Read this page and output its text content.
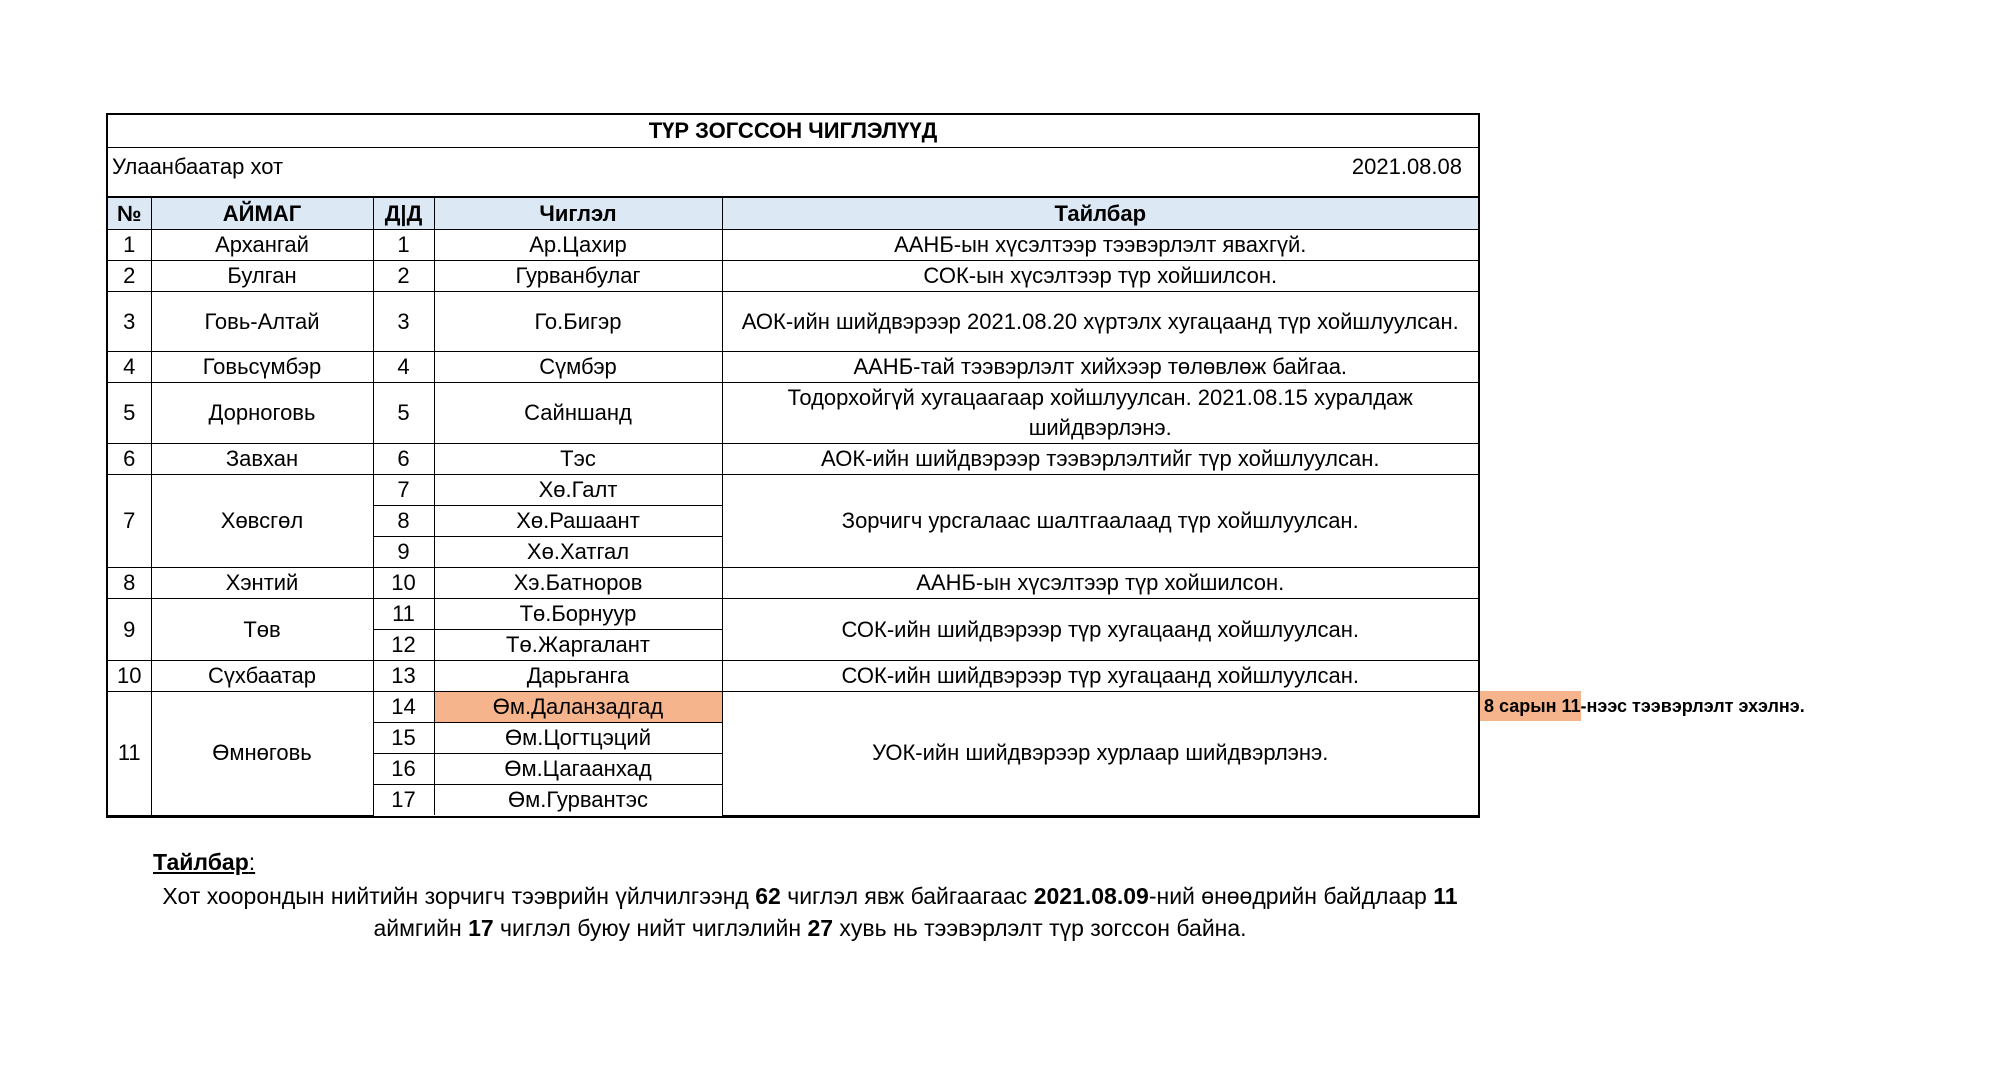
ТҮР ЗОГССОН ЧИГЛЭЛҮҮД
Улаанбаатар хот	2021.08.08
№	АЙМАГ	Д|Д	Чиглэл	Тайлбар
1	Архангай	1	Ар.Цахир	ААНБ-ын хүсэлтээр тээвэрлэлт явахгүй.
2	Булган	2	Гурванбулаг	СОК-ын хүсэлтээр түр хойшилсон.
3	Говь-Алтай	3	Го.Бигэр	АОК-ийн шийдвэрээр 2021.08.20 хүртэлх хугацаанд түр хойшлуулсан.
4	Говьсүмбэр	4	Сүмбэр	ААНБ-тай тээвэрлэлт хийхээр төлөвлөж байгаа.
5	Дорноговь	5	Сайншанд	Тодорхойгүй хугацаагаар хойшлуулсан. 2021.08.15 хуралдаж шийдвэрлэнэ.
6	Завхан	6	Тэс	АОК-ийн шийдвэрээр тээвэрлэлтийг түр хойшлуулсан.
7	Хөвсгөл	7	Хө.Галт	Зорчигч урсгалаас шалтгаалаад түр хойшлуулсан.
		8	Хө.Рашаант	
		9	Хө.Хатгал	
8	Хэнтий	10	Хэ.Батноров	ААНБ-ын хүсэлтээр түр хойшилсон.
9	Төв	11	Тө.Борнуур	СОК-ийн шийдвэрээр түр хугацаанд хойшлуулсан.
		12	Тө.Жаргалант	
10	Сүхбаатар	13	Дарьганга	СОК-ийн шийдвэрээр түр хугацаанд хойшлуулсан.
11	Өмнөговь	14	Өм.Даланзадгад	УОК-ийн шийдвэрээр хурлаар шийдвэрлэнэ.
		15	Өм.Цогтцэций	
		16	Өм.Цагаанхад	
		17	Өм.Гурвантэс	
8 сарын 11-нээс тээвэрлэлт эхэлнэ.
Тайлбар:
Хот хоорондын нийтийн зорчигч тээврийн үйлчилгээнд 62 чиглэл явж байгаагаас 2021.08.09-ний өнөөдрийн байдлаар 11 аймгийн 17 чиглэл буюу нийт чиглэлийн 27 хувь нь тээвэрлэлт түр зогссон байна.
